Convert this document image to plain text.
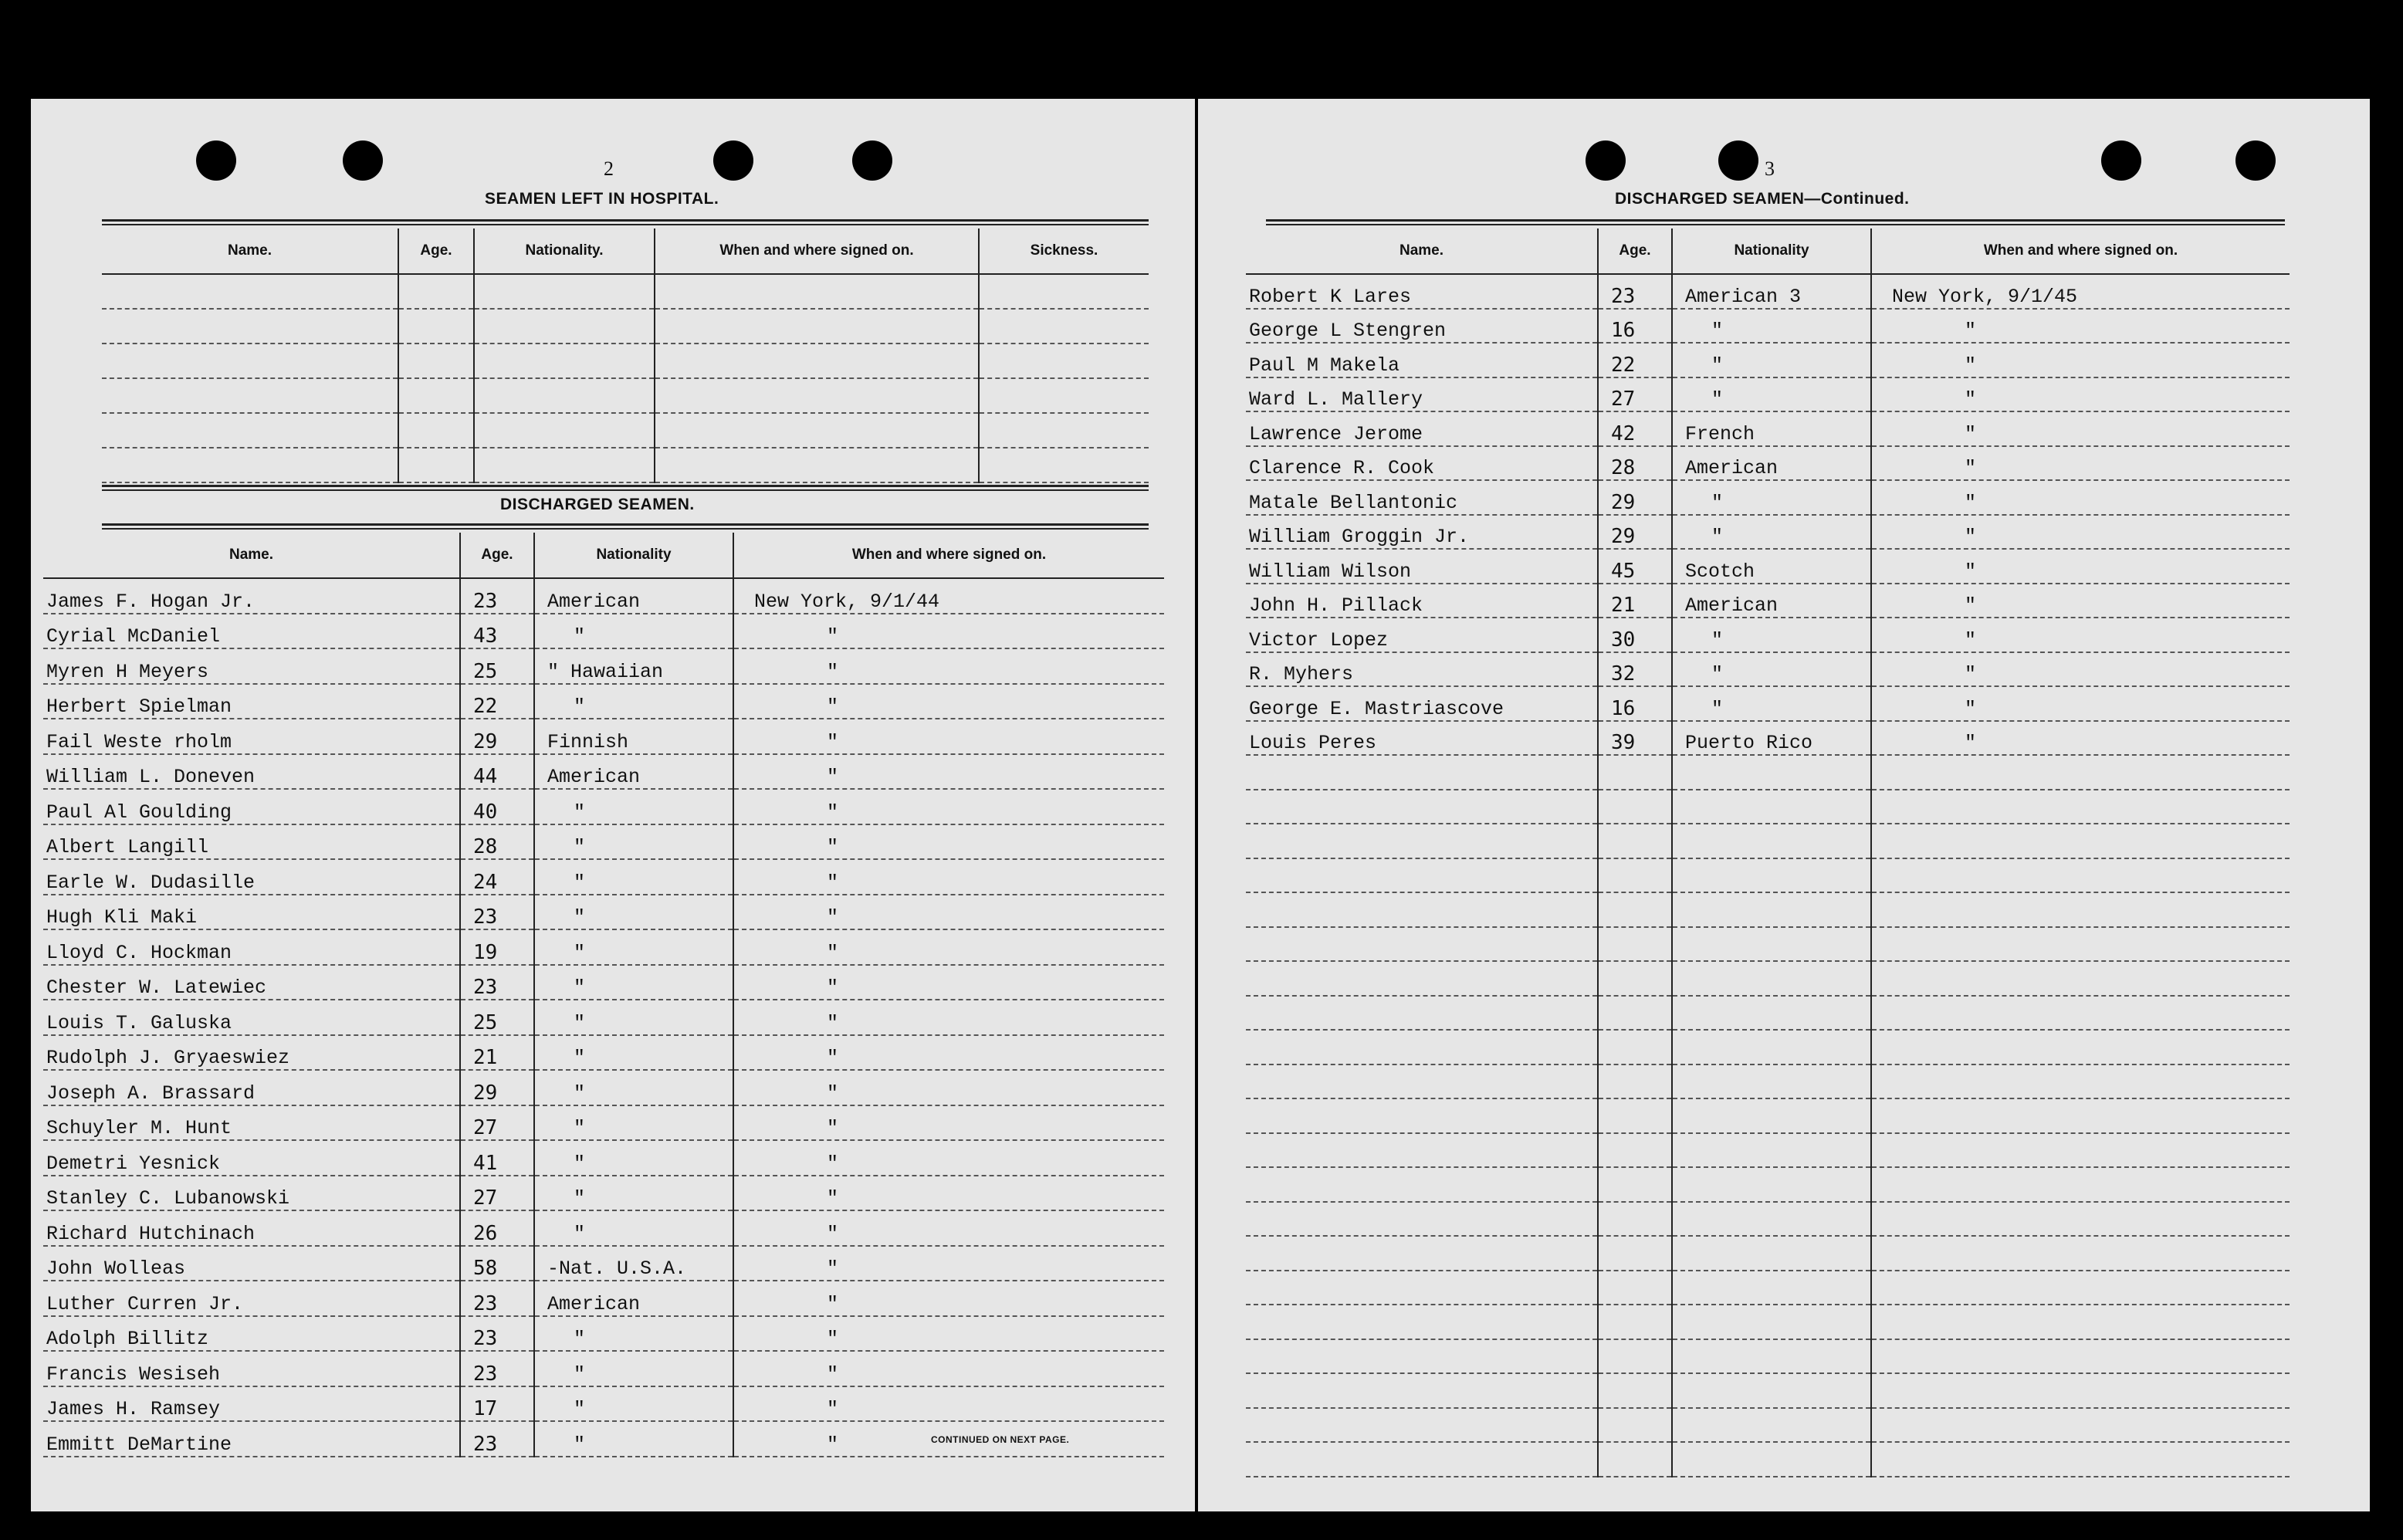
2
SEAMEN LEFT IN HOSPITAL.
Name.	Age.	Nationality.	When and where signed on.	Sickness.

DISCHARGED SEAMEN.
Name.	Age.	Nationality	When and where signed on.
James F. Hogan Jr.	23	American	New York, 9/1/44
Cyrial McDaniel	43	"	"
Myren H Meyers	25	" Hawaiian	"
Herbert Spielman	22	"	"
Fail Weste rholm	29	Finnish	"
William L. Doneven	44	American	"
Paul Al Goulding	40	"	"
Albert Langill	28	"	"
Earle W. Dudasille	24	"	"
Hugh Kli Maki	23	"	"
Lloyd C. Hockman	19	"	"
Chester W. Latewiec	23	"	"
Louis T. Galuska	25	"	"
Rudolph J. Gryaeswiez	21	"	"
Joseph A. Brassard	29	"	"
Schuyler M. Hunt	27	"	"
Demetri Yesnick	41	"	"
Stanley C. Lubanowski	27	"	"
Richard Hutchinach	26	"	"
John Wolleas	58	-Nat. U.S.A.	"
Luther Curren Jr.	23	American	"
Adolph Billitz	23	"	"
Francis Wesiseh	23	"	"
James H. Ramsey	17	"	"
Emmitt DeMartine	23	"	"	CONTINUED ON NEXT PAGE.
3
DISCHARGED SEAMEN—Continued.
Name.	Age.	Nationality	When and where signed on.
Robert K Lares	23	American 3	New York, 9/1/45
George L Stengren	16	"	"
Paul M Makela	22	"	"
Ward L. Mallery	27	"	"
Lawrence Jerome	42	French	"
Clarence R. Cook	28	American	"
Matale Bellantonic	29	"	"
William Groggin Jr.	29	"	"
William Wilson	45	Scotch	"
John H. Pillack	21	American	"
Victor Lopez	30	"	"
R. Myhers	32	"	"
George E. Mastriascove	16	"	"
Louis Peres	39	Puerto Rico	"
